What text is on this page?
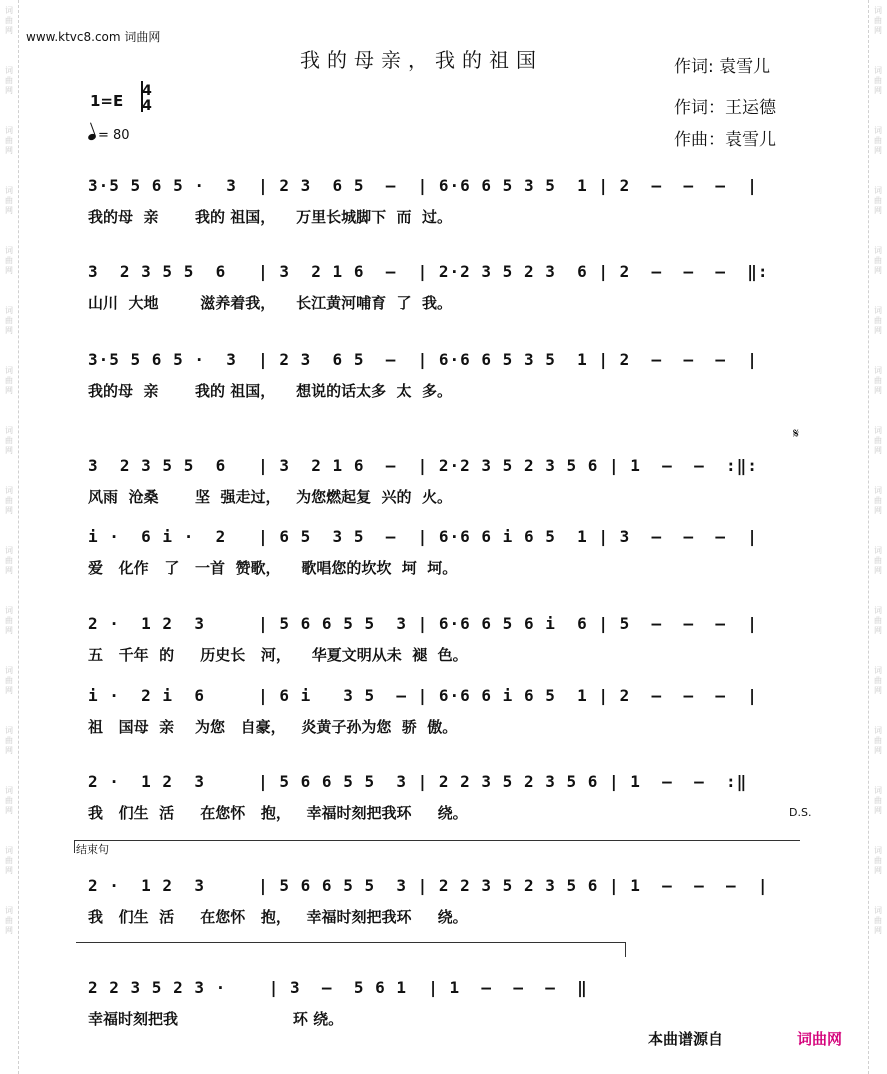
词曲网
词曲网
词曲网
词曲网
词曲网
词曲网
词曲网
词曲网
词曲网
词曲网
词曲网
词曲网
词曲网
词曲网
词曲网
词曲网
词曲网
词曲网
词曲网
词曲网
词曲网
词曲网
词曲网
词曲网
词曲网
词曲网
词曲网
词曲网
词曲网
词曲网
词曲网
词曲网
www.ktvc8.com 词曲网
我的母亲，我的祖国	作词: 袁雪儿
作词：王运德
作曲：袁雪儿
1=E
4
4
= 80
3·5 5 6 5 ·  3  | 2 3  6 5  –  | 6·6 6 5 3 5  1 | 2  –  –  –  |
我的母  亲       我的 祖国，    万里长城脚下  而  过。
3  2 3 5 5  6   | 3  2 1 6  –  | 2·2 3 5 2 3  6 | 2  –  –  –  ‖:
山川  大地        滋养着我，    长江黄河哺育  了  我。
3·5 5 6 5 ·  3  | 2 3  6 5  –  | 6·6 6 5 3 5  1 | 2  –  –  –  |
我的母  亲       我的 祖国，    想说的话太多  太  多。
𝄋
3  2 3 5 5  6   | 3  2 1 6  –  | 2·2 3 5 2 3 5 6 | 1  –  –  :‖:
风雨  沧桑       坚  强走过，   为您燃起复  兴的  火。
i ·  6 i ·  2   | 6 5  3 5  –  | 6·6 6 i 6 5  1 | 3  –  –  –  |
爱   化作   了   一首  赞歌，    歌唱您的坎坎  坷  坷。
2 ·  1 2  3     | 5 6 6 5 5  3 | 6·6 6 5 6 i  6 | 5  –  –  –  |
五   千年  的     历史长   河，    华夏文明从未  褪  色。
i ·  2 i  6     | 6 i   3 5  – | 6·6 6 i 6 5  1 | 2  –  –  –  |
祖   国母  亲    为您   自豪，   炎黄子孙为您  骄  傲。
2 ·  1 2  3     | 5 6 6 5 5  3 | 2 2 3 5 2 3 5 6 | 1  –  –  :‖
我   们生  活     在您怀   抱，   幸福时刻把我环     绕。	D.S.
结束句
2 ·  1 2  3     | 5 6 6 5 5  3 | 2 2 3 5 2 3 5 6 | 1  –  –  –  |
我   们生  活     在您怀   抱，   幸福时刻把我环     绕。
2 2 3 5 2 3 ·    | 3  –  5 6 1  | 1  –  –  –  ‖
幸福时刻把我                      环 绕。
本曲谱源自	词曲网
